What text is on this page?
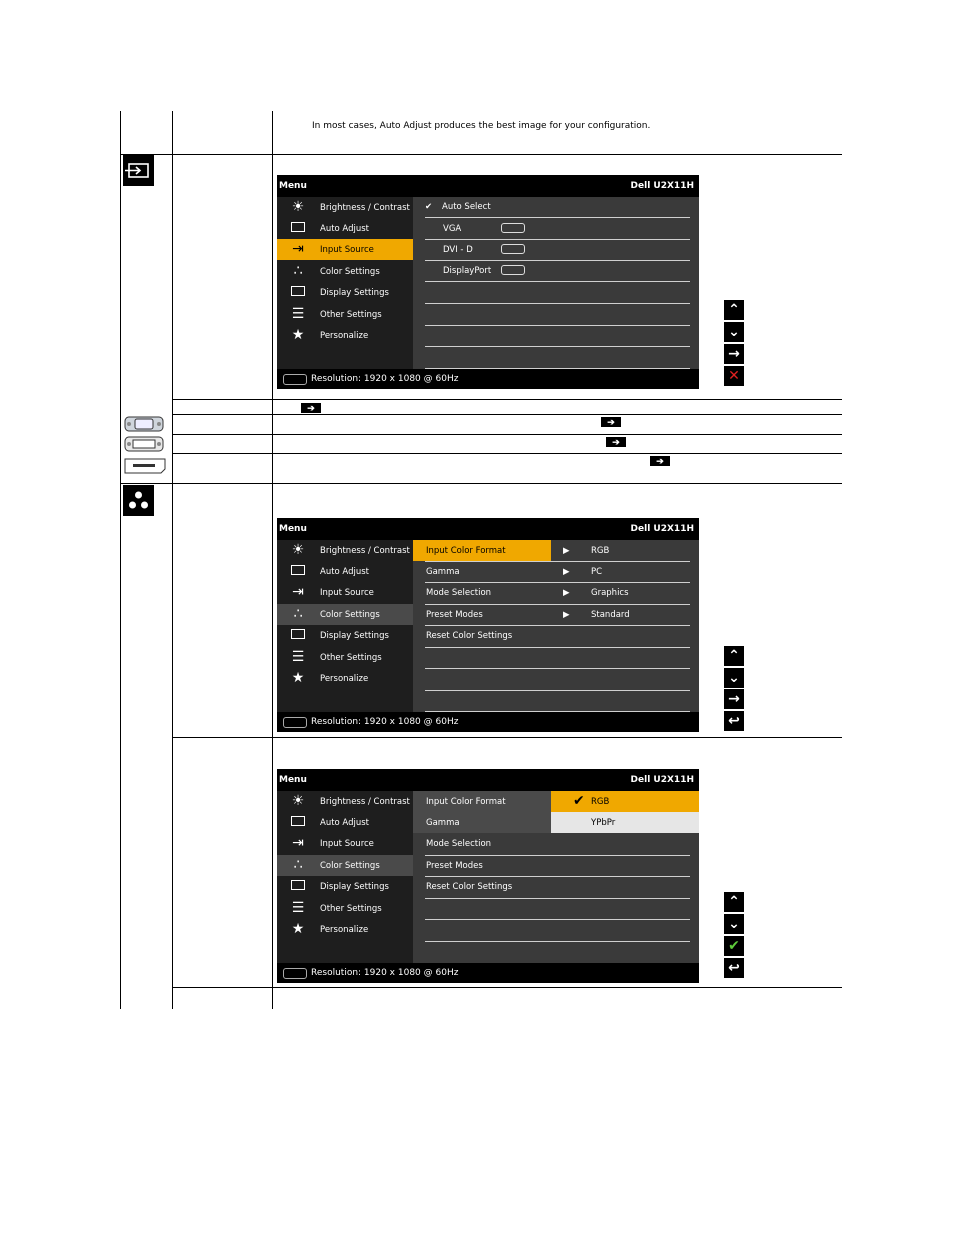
In most cases, Auto Adjust produces the best image for your configuration.
➔
➔
➔
➔
Menu	Dell U2X11H
☀	Brightness / Contrast
Auto Adjust
⇥	Input Source
∴	Color Settings
Display Settings
☰	Other Settings
★	Personalize
✔ Auto Select
VGA
DVI - D
DisplayPort
Resolution: 1920 x 1080 @ 60Hz
⌃
⌄
→
✕
Menu	Dell U2X11H
☀	Brightness / Contrast
Auto Adjust
⇥	Input Source
∴	Color Settings
Display Settings
☰	Other Settings
★	Personalize
Input Color Format
Gamma
Mode Selection
Preset Modes
Reset Color Settings
▶	RGB
▶	PC
▶	Graphics
▶	Standard
Resolution: 1920 x 1080 @ 60Hz
⌃
⌄
→
↩
Menu	Dell U2X11H
☀	Brightness / Contrast
Auto Adjust
⇥	Input Source
∴	Color Settings
Display Settings
☰	Other Settings
★	Personalize
Input Color Format
Gamma
Mode Selection
Preset Modes
Reset Color Settings
✔ RGB
YPbPr
Resolution: 1920 x 1080 @ 60Hz
⌃
⌄
✔
↩
